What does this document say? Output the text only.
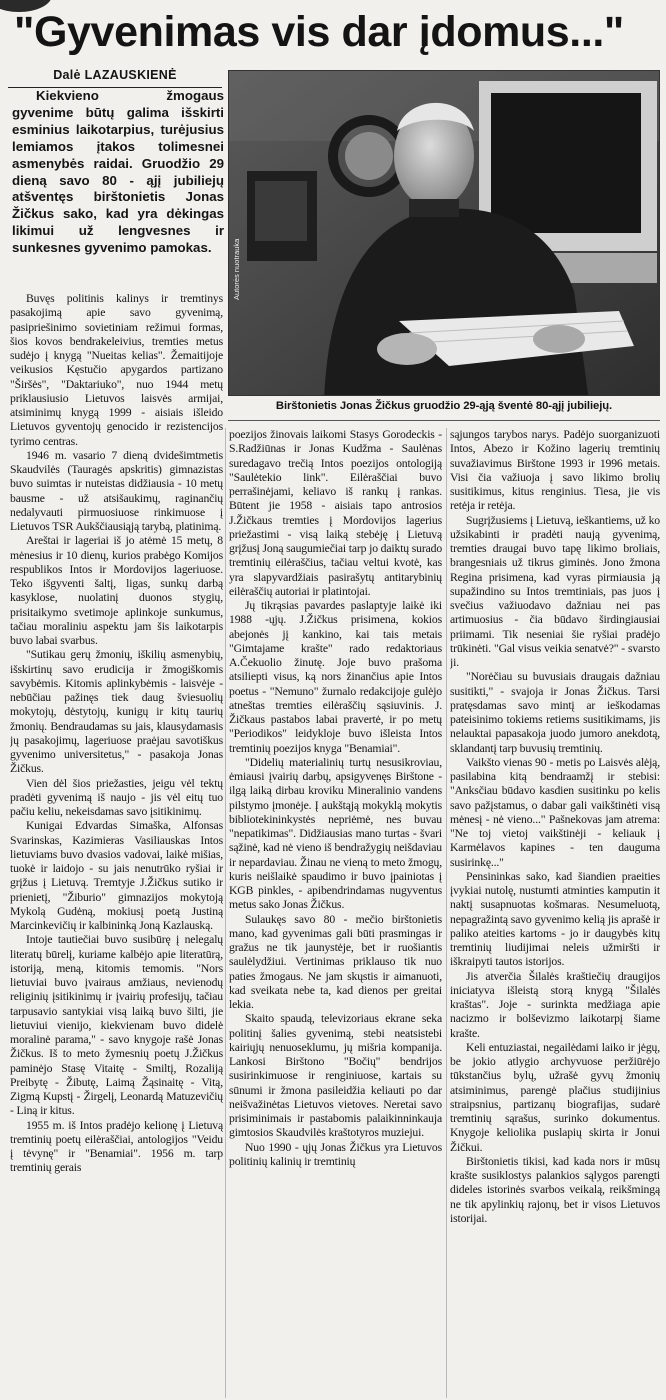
"Gyvenimas vis dar įdomus..."
Dalė LAZAUSKIENĖ

Kiekvieno žmogaus gyvenime būtų galima išskirti esminius laikotarpius, turėjusius lemiamos įtakos tolimesnei asmenybės raidai. Gruodžio 29 dieną savo 80 - ąjį jubiliejų atšventęs birštonietis Jonas Žičkus sako, kad yra dėkingas likimui už lengvesnes ir sunkesnes gyvenimo pamokas.	Autorės nuotrauka

Birštonietis Jonas Žičkus gruodžio 29-ąją šventė 80-ąjį jubiliejų.

Buvęs politinis kalinys ir tremtinys pasakojimą apie savo gyvenimą, pasipriešinimo sovietiniam režimui formas, šios kovos bendrakeleivius, tremties metus sudėjo į knygą "Nueitas kelias". Žemaitijoje veikusios Kęstučio apygardos partizano "Širšės", "Daktariuko", nuo 1944 metų priklausiusio Lietuvos laisvės armijai, atsiminimų knygą 1999 - aisiais išleido Lietuvos gyventojų genocido ir rezistencijos tyrimo centras.

1946 m. vasario 7 dieną dvidešimtmetis Skaudvilės (Tauragės apskritis) gimnazistas buvo suimtas ir nuteistas didžiausia - 10 metų bausme - už atsišaukimų, raginančių nedalyvauti pirmuosiuose rinkimuose į Lietuvos TSR Aukščiausiąją tarybą, platinimą.

Areštai ir lageriai iš jo atėmė 15 metų, 8 mėnesius ir 10 dienų, kurios prabėgo Komijos respublikos Intos ir Mordovijos lageriuose. Teko išgyventi šaltį, ligas, sunkų darbą kasyklose, nuolatinį duonos stygių, prisitaikymo svetimoje aplinkoje sunkumus, tačiau moraliniu aspektu jam šis laikotarpis buvo labai svarbus.

"Sutikau gerų žmonių, iškilių asmenybių, išskirtinų savo erudicija ir žmogiškomis savybėmis. Kitomis aplinkybėmis - laisvėje - nebūčiau pažinęs tiek daug šviesuolių mokytojų, dėstytojų, kunigų ir kitų taurių žmonių. Bendraudamas su jais, klausydamasis jų pasakojimų, lageriuose praėjau savotiškus gyvenimo universitetus," - pasakoja Jonas Žičkus.

Vien dėl šios priežasties, jeigu vėl tektų pradėti gyvenimą iš naujo - jis vėl eitų tuo pačiu keliu, nekeisdamas savo įsitikinimų.

Kunigai Edvardas Simaška, Alfonsas Svarinskas, Kazimieras Vasiliauskas Intos lietuviams buvo dvasios vadovai, laikė mišias, tuokė ir laidojo - su jais nenutrūko ryšiai ir grįžus į Lietuvą. Tremtyje J.Žičkus sutiko ir prienietį, "Žiburio" gimnazijos mokytoją Mykolą Gudėną, mokiusį poetą Justiną Marcinkevičių ir kalbininką Joną Kazlauską.

Intoje tautiečiai buvo susibūrę į nelegalų literatų būrelį, kuriame kalbėjo apie literatūrą, istoriją, meną, kitomis temomis. "Nors lietuviai buvo įvairaus amžiaus, nevienodų religinių įsitikinimų ir įvairių profesijų, tačiau tarpusavio santykiai visą laiką buvo šilti, jie lietuviui vienijo, kiekvienam buvo didelė moralinė parama," - savo knygoje rašė Jonas Žičkus. Iš to meto žymesnių poetų J.Žičkus paminėjo Stasę Vitaitę - Smiltį, Rozaliją Preibytę - Žibutę, Laimą Žąsinaitę - Vitą, Zigmą Kupstį - Žirgelį, Leonardą Matuzevičių - Liną ir kitus.

1955 m. iš Intos pradėjo kelionę į Lietuvą tremtinių poetų eilėraščiai, antologijos "Veidu į tėvynę" ir "Benamiai". 1956 m. tarp tremtinių gerais

poezijos žinovais laikomi Stasys Gorodeckis - S.Radžiūnas ir Jonas Kudžma - Saulėnas suredagavo trečią Intos poezijos ontologiją "Saulėtekio link". Eilėraščiai buvo perrašinėjami, keliavo iš rankų į rankas. Būtent jie 1958 - aisiais tapo antrosios J.Žičkaus tremties į Mordovijos lagerius priežastimi - visą laiką stebėję į Lietuvą grįžusį Joną saugumiečiai tarp jo daiktų surado tremtinių eilėraščius, tačiau veltui kvotė, kas yra slapyvardžiais pasirašytų antitarybinių eilėraščių autoriai ir platintojai.

Jų tikrąsias pavardes paslaptyje laikė iki 1988 -ųjų. J.Žičkus prisimena, kokios abejonės jį kankino, kai tais metais "Gimtajame krašte" rado redaktoriaus A.Čekuolio žinutę. Joje buvo prašoma atsiliepti visus, ką nors žinančius apie Intos poetus - "Nemuno" žurnalo redakcijoje gulėjo atneštas tremties eilėraščių sąsiuvinis. J. Žičkaus pastabos labai pravertė, ir po metų "Periodikos" leidykloje buvo išleista Intos tremtinių poezijos knyga "Benamiai".

"Didelių materialinių turtų nesusikroviau, ėmiausi įvairių darbų, apsigyvenęs Birštone - ilgą laiką dirbau kroviku Mineralinio vandens pilstymo įmonėje. Į aukštąją mokyklą mokytis bibliotekininkystės nepriėmė, nes buvau "nepatikimas". Didžiausias mano turtas - švari sąžinė, kad nė vieno iš bendražygių neišdaviau ir nepardaviau. Žinau ne vieną to meto žmogų, kuris neišlaikė spaudimo ir buvo įpainiotas į KGB pinkles, - apibendrindamas nugyventus metus sako Jonas Žičkus.

Sulaukęs savo 80 - mečio birštonietis mano, kad gyvenimas gali būti prasmingas ir gražus ne tik jaunystėje, bet ir ruošiantis saulėlydžiui. Vertinimas priklauso tik nuo paties žmogaus. Ne jam skųstis ir aimanuoti, kad sveikata nebe ta, kad dienos per greitai lekia.

Skaito spaudą, televizoriaus ekrane seka politinį šalies gyvenimą, stebi neatsistebi kairiųjų nenuoseklumu, jų mišria kompanija. Lankosi Birštono "Bočių" bendrijos susirinkimuose ir renginiuose, kartais su sūnumi ir žmona pasileidžia keliauti po dar neišvažinėtas Lietuvos vietoves. Neretai savo prisiminimais ir pastabomis palaikinninkauja gimtosios Skaudvilės kraštotyros muziejui.

Nuo 1990 - ųjų Jonas Žičkus yra Lietuvos politinių kalinių ir tremtinių

sąjungos tarybos narys. Padėjo suorganizuoti Intos, Abezo ir Kožino lagerių tremtinių suvažiavimus Birštone 1993 ir 1996 metais. Visi čia važiuoja į savo likimo brolių susitikimus, kitus renginius. Tiesa, jie vis retėja ir retėja.

Sugrįžusiems į Lietuvą, ieškantiems, už ko užsikabinti ir pradėti naują gyvenimą, tremties draugai buvo tapę likimo broliais, brangesniais už tikrus giminės. Jono žmona Regina prisimena, kad vyras pirmiausia ją supažindino su Intos tremtiniais, pas juos į svečius važiuodavo dažniau nei pas artimuosius - čia būdavo širdingiausiai priimami. Tik neseniai šie ryšiai pradėjo trūkinėti. "Gal visus veikia senatvė?" - svarsto ji.

"Norėčiau su buvusiais draugais dažniau susitikti," - svajoja ir Jonas Žičkus. Tarsi pratęsdamas savo mintį ar ieškodamas pateisinimo tokiems retiems susitikimams, jis nelauktai papasakoja juodo jumoro anekdotą, sklandantį tarp buvusių tremtinių.

Vaikšto vienas 90 - metis po Laisvės alėją, pasilabina kitą bendraamžį ir stebisi: "Anksčiau būdavo kasdien susitinku po kelis savo pažįstamus, o dabar gali vaikštinėti visą mėnesį - nė vieno..." Pašnekovas jam atrema: "Ne toj vietoj vaikštinėji - keliauk į Karmėlavos kapines - ten dauguma susirinkę..."

Pensininkas sako, kad šiandien praeities įvykiai nutolę, nustumti atminties kamputin it naktį susapnuotas košmaras. Nesumeluotą, nepagražintą savo gyvenimo kelią jis aprašė ir paliko ateities kartoms - jo ir daugybės kitų tremtinių liudijimai neleis užmiršti ir iškraipyti tautos istorijos.

Jis atverčia Šilalės kraštiečių draugijos iniciatyva išleistą storą knygą "Šilalės kraštas". Joje - surinkta medžiaga apie nacizmo ir bolševizmo laikotarpį šiame krašte.

Keli entuziastai, negailėdami laiko ir jėgų, be jokio atlygio archyvuose peržiūrėjo tūkstančius bylų, užrašė gyvų žmonių atsiminimus, parengė plačius studijinius straipsnius, partizanų biografijas, sudarė tremtinių sąrašus, surinko dokumentus. Knygoje keliolika puslapių skirta ir Jonui Žičkui.

Birštonietis tikisi, kad kada nors ir mūsų krašte susiklostys palankios sąlygos parengti dideles istorinės svarbos veikalą, reikšmingą ne tik apylinkių rajonų, bet ir visos Lietuvos istorijai.
